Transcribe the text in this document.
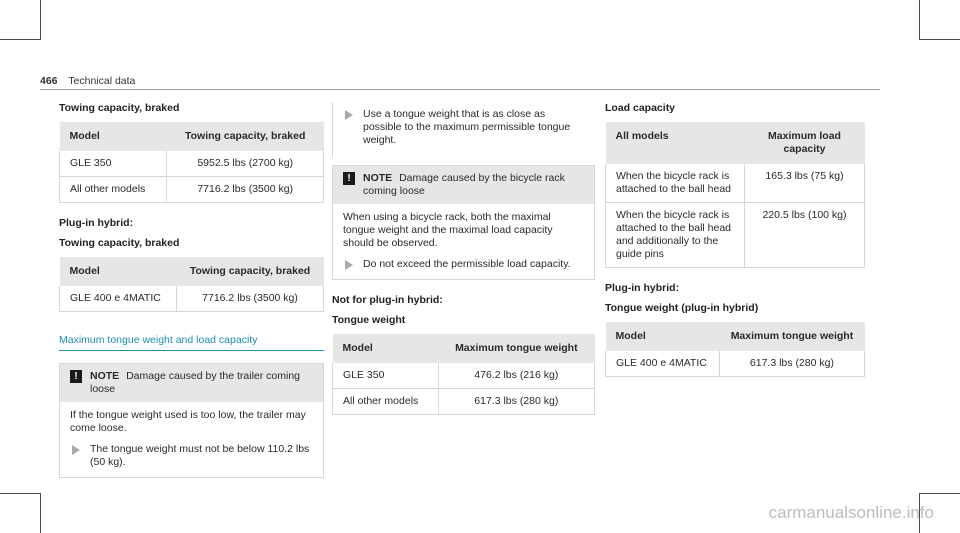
466 Technical data
Towing capacity, braked
Model	Towing capacity, braked
GLE 350	5952.5 lbs (2700 kg)
All other models	7716.2 lbs (3500 kg)
Plug-in hybrid:
Towing capacity, braked
Model	Towing capacity, braked
GLE 400 e 4MATIC	7716.2 lbs (3500 kg)
Maximum tongue weight and load capacity
!	NOTE Damage caused by the trailer coming loose

If the tongue weight used is too low, the trailer may come loose.

The tongue weight must not be below 110.2 lbs (50 kg).
Use a tongue weight that is as close as possible to the maximum permissible tongue weight.
!	NOTE Damage caused by the bicycle rack coming loose

When using a bicycle rack, both the maximal tongue weight and the maximal load capacity should be observed.

Do not exceed the permissible load capacity.
Not for plug-in hybrid:
Tongue weight
Model	Maximum tongue weight
GLE 350	476.2 lbs (216 kg)
All other models	617.3 lbs (280 kg)
Load capacity
All models	Maximum load capacity
When the bicycle rack is attached to the ball head	165.3 lbs (75 kg)
When the bicycle rack is attached to the ball head and additionally to the guide pins	220.5 lbs (100 kg)
Plug-in hybrid:
Tongue weight (plug-in hybrid)
Model	Maximum tongue weight
GLE 400 e 4MATIC	617.3 lbs (280 kg)
carmanualsonline.info
